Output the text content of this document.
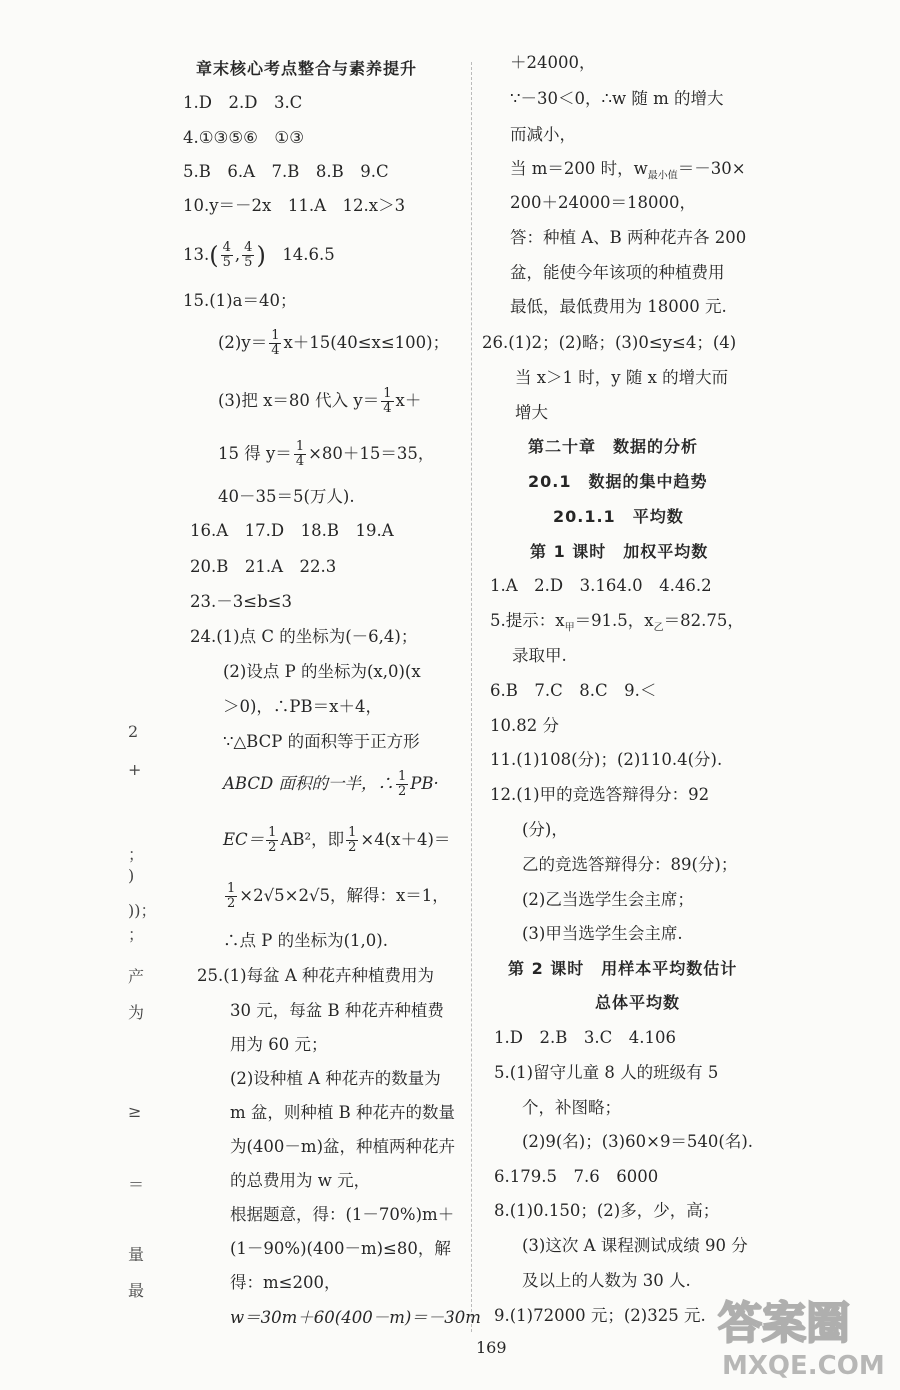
章末核心考点整合与素养提升
1.D　2.D　3.C
4.①③⑤⑥　①③
5.B　6.A　7.B　8.B　9.C
10.y＝－2x　11.A　12.x＞3
$13.( \frac{4}{5}$ , $\frac{4}{5}$ )　14.6.5
15.(1)a＝40；
$(2)y= \frac{1}{4} x+15(40\le x\le 100)$；
(3)把 x＝80 代入 $y= \frac{1}{4} x+$
15 得 $y= \frac{1}{4} \times 80+15=35$，
40－35＝5(万人).
16.A　17.D　18.B　19.A
20.B　21.A　22.3
23.－3≤b≤3
24.(1)点 C 的坐标为(－6,4)；
(2)设点 P 的坐标为(x,0)(x
＞0)，∴PB＝x＋4，
∵△BCP 的面积等于正方形
ABCD 面积的一半，∴ $\frac{1}{2} PB\cdot$
$EC= \frac{1}{2} AB^2$，即 $\frac{1}{2} \times 4(x+4)=$
$\frac{1}{2} \times 2√5\times 2√5$，解得：x＝1，
∴点 P 的坐标为(1,0).
25.(1)每盆 A 种花卉种植费用为
30 元，每盆 B 种花卉种植费
用为 60 元；
(2)设种植 A 种花卉的数量为
m 盆，则种植 B 种花卉的数量
为(400－m)盆，种植两种花卉
的总费用为 w 元，
根据题意，得：(1－70%)m＋
(1－90%)(400－m)≤80，解
得：m≤200，
w＝30m＋60(400－m)＝－30m
＋24000，
∵－30＜0，∴w 随 m 的增大
而减小，
当 m＝200 时，$w_{最小值}=-30\times$
200＋24000＝18000，
答：种植 A、B 两种花卉各 200
盆，能使今年该项的种植费用
最低，最低费用为 18000 元.
26.(1)2；(2)略；(3)0≤y≤4；(4)
当 x＞1 时，y 随 x 的增大而
增大
第二十章　数据的分析
20.1　数据的集中趋势
20.1.1　平均数
第 1 课时　加权平均数
1.A　2.D　3.164.0　4.46.2
5.提示：$x_甲=91.5$，$x_乙=82.75$，
录取甲.
6.B　7.C　8.C　9.＜
10.82 分
11.(1)108(分)；(2)110.4(分).
12.(1)甲的竞选答辩得分：92
(分)，
乙的竞选答辩得分：89(分)；
(2)乙当选学生会主席；
(3)甲当选学生会主席.
第 2 课时　用样本平均数估计
总体平均数
1.D　2.B　3.C　4.106
5.(1)留守儿童 8 人的班级有 5
个，补图略；
(2)9(名)；(3)60×9＝540(名).
6.179.5　7.6　6000
8.(1)0.150；(2)多，少，高；
(3)这次 A 课程测试成绩 90 分
及以上的人数为 30 人.
9.(1)72000 元；(2)325 元.
2
+
；
)
))；
；
产
为
≥
＝
量
最
169	答案圈
MXQE.COM
